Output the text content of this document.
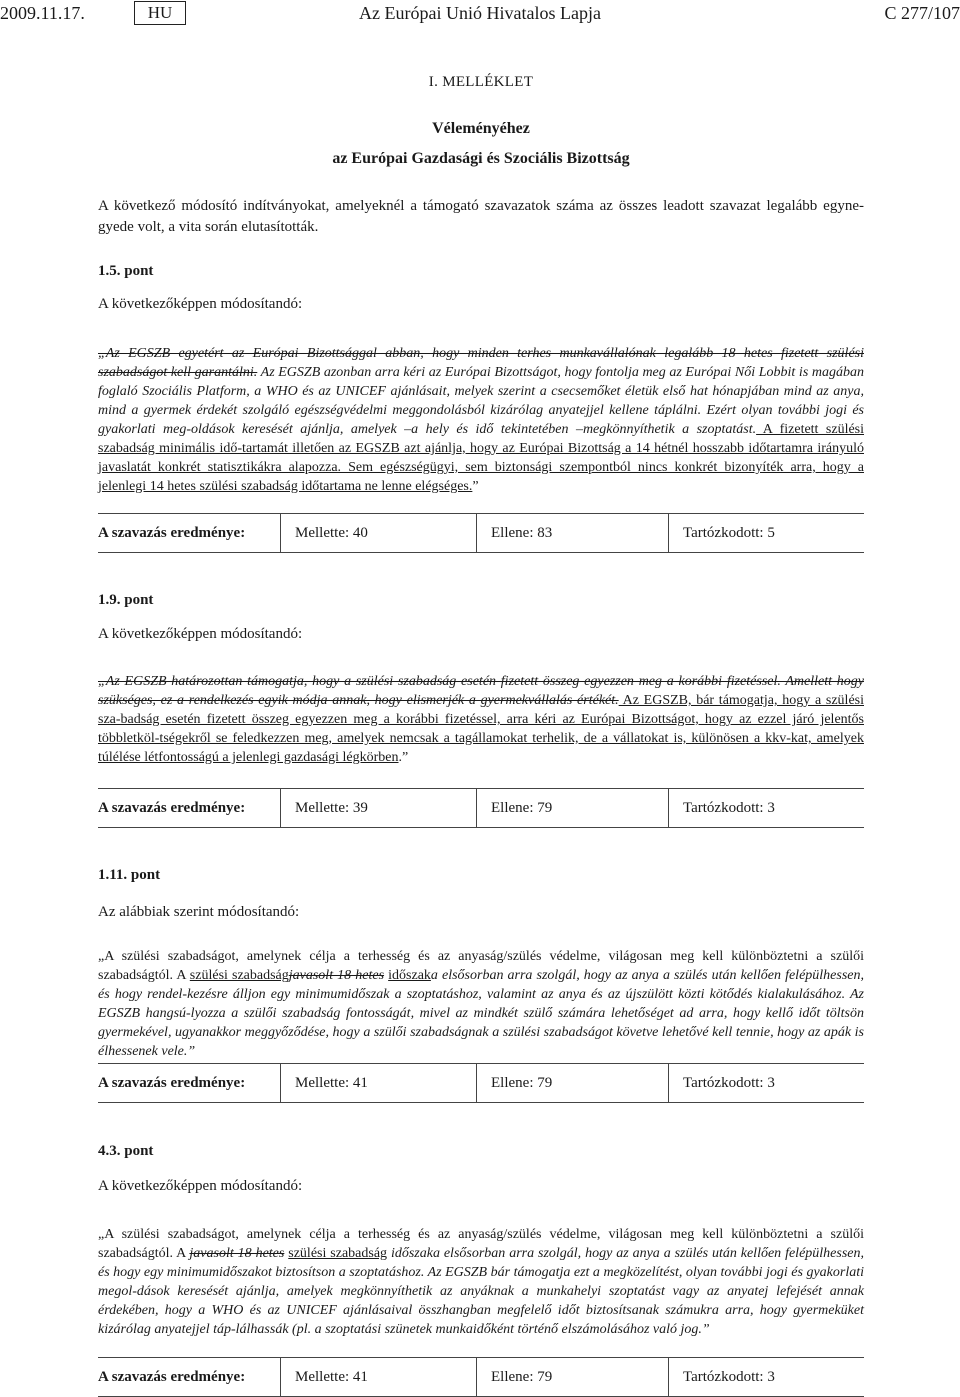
2009.11.17.	HU	Az Európai Unió Hivatalos Lapja	C 277/107
I. MELLÉKLET
Véleményéhez
az Európai Gazdasági és Szociális Bizottság
A következő módosító indítványokat, amelyeknél a támogató szavazatok száma az összes leadott szavazat legalább egyne-gyede volt, a vita során elutasították.
1.5. pont
A következőképpen módosítandó:
„Az EGSZB egyetért az Európai Bizottsággal abban, hogy minden terhes munkavállalónak legalább 18 hetes fizetett szülési szabadságot kell garantálni. Az EGSZB azonban arra kéri az Európai Bizottságot, hogy fontolja meg az Európai Női Lobbit is magában foglaló Szociális Platform, a WHO és az UNICEF ajánlásait, melyek szerint a csecsemőket életük első hat hónapjában mind az anya, mind a gyermek érdekét szolgáló egészségvédelmi meggondolásból kizárólag anyatejjel kellene táplálni. Ezért olyan további jogi és gyakorlati meg-oldások keresését ajánlja, amelyek –a hely és idő tekintetében –megkönnyíthetik a szoptatást. A fizetett szülési szabadság minimális idő-tartamát illetően az EGSZB azt ajánlja, hogy az Európai Bizottság a 14 hétnél hosszabb időtartamra irányuló javaslatát konkrét statisztikákra alapozza. Sem egészségügyi, sem biztonsági szempontból nincs konkrét bizonyíték arra, hogy a jelenlegi 14 hetes szülési szabadság időtartama ne lenne elégséges.”
A szavazás eredménye:	Mellette: 40	Ellene: 83	Tartózkodott: 5
1.9. pont
A következőképpen módosítandó:
„Az EGSZB határozottan támogatja, hogy a szülési szabadság esetén fizetett összeg egyezzen meg a korábbi fizetéssel. Amellett hogy szükséges, ez a rendelkezés egyik módja annak, hogy elismerjék a gyermekvállalás értékét. Az EGSZB, bár támogatja, hogy a szülési sza-badság esetén fizetett összeg egyezzen meg a korábbi fizetéssel, arra kéri az Európai Bizottságot, hogy az ezzel járó jelentős többletköl-tségekről se feledkezzen meg, amelyek nemcsak a tagállamokat terhelik, de a vállatokat is, különösen a kkv-kat, amelyek túlélése létfontosságú a jelenlegi gazdasági légkörben.”
A szavazás eredménye:	Mellette: 39	Ellene: 79	Tartózkodott: 3
1.11. pont
Az alábbiak szerint módosítandó:
„A szülési szabadságot, amelynek célja a terhesség és az anyaság/szülés védelme, világosan meg kell különböztetni a szülői szabadságtól. A szülési szabadságjavasolt 18 hetes időszaka elsősorban arra szolgál, hogy az anya a szülés után kellően felépülhessen, és hogy rendel-kezésre álljon egy minimumidőszak a szoptatáshoz, valamint az anya és az újszülött közti kötődés kialakulásához. Az EGSZB hangsú-lyozza a szülői szabadság fontosságát, mivel az mindkét szülő számára lehetőséget ad arra, hogy kellő időt töltsön gyermekével, ugyanakkor meggyőződése, hogy a szülői szabadságnak a szülési szabadságot követve lehetővé kell tennie, hogy az apák is élhessenek vele.”
A szavazás eredménye:	Mellette: 41	Ellene: 79	Tartózkodott: 3
4.3. pont
A következőképpen módosítandó:
„A szülési szabadságot, amelynek célja a terhesség és az anyaság/szülés védelme, világosan meg kell különböztetni a szülői szabadságtól. A javasolt 18 hetes szülési szabadság időszaka elsősorban arra szolgál, hogy az anya a szülés után kellően felépülhessen, és hogy egy minimumidőszakot biztosítson a szoptatáshoz. Az EGSZB bár támogatja ezt a megközelítést, olyan további jogi és gyakorlati megol-dások keresését ajánlja, amelyek megkönnyíthetik az anyáknak a munkahelyi szoptatást vagy az anyatej lefejését annak érdekében, hogy a WHO és az UNICEF ajánlásaival összhangban megfelelő időt biztosítsanak számukra arra, hogy gyermeküket kizárólag anyatejjel táp-lálhassák (pl. a szoptatási szünetek munkaidőként történő elszámolásához való jog.”
A szavazás eredménye:	Mellette: 41	Ellene: 79	Tartózkodott: 3
